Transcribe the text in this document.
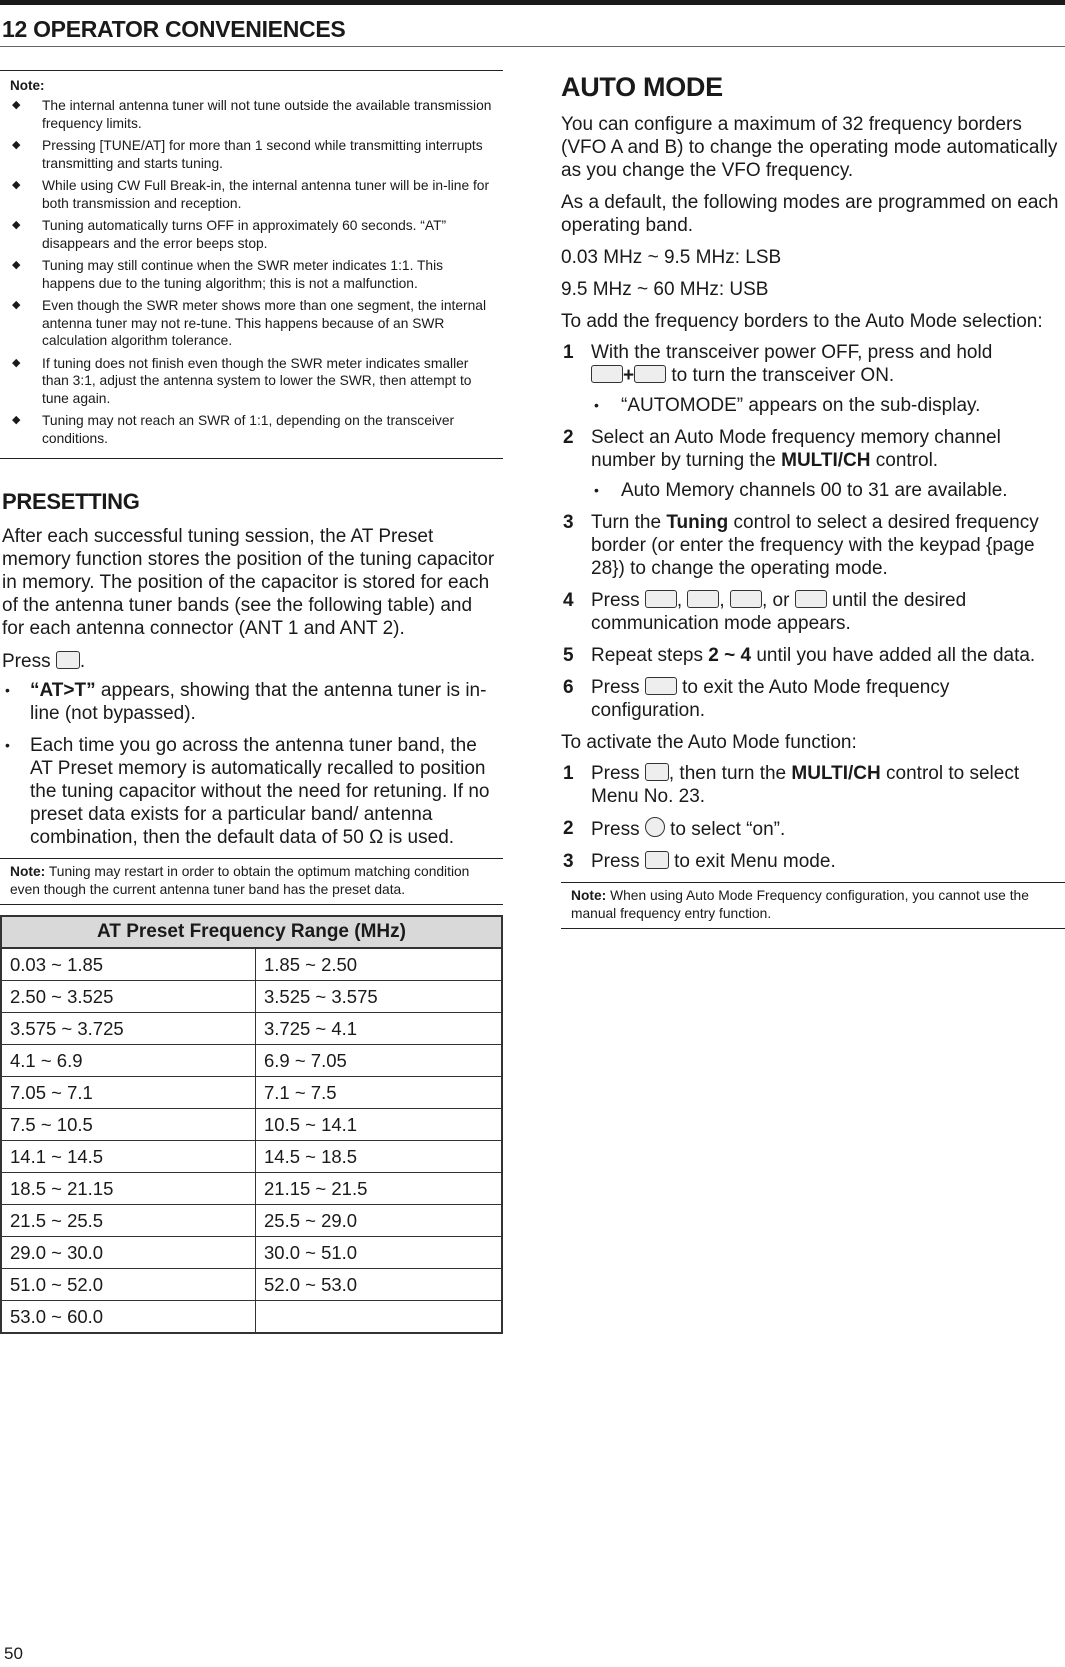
12 OPERATOR CONVENIENCES
Note:
◆ The internal antenna tuner will not tune outside the available transmission frequency limits.
◆ Pressing [TUNE/AT] for more than 1 second while transmitting interrupts transmitting and starts tuning.
◆ While using CW Full Break-in, the internal antenna tuner will be in-line for both transmission and reception.
◆ Tuning automatically turns OFF in approximately 60 seconds. “AT” disappears and the error beeps stop.
◆ Tuning may still continue when the SWR meter indicates 1:1. This happens due to the tuning algorithm; this is not a malfunction.
◆ Even though the SWR meter shows more than one segment, the internal antenna tuner may not re-tune. This happens because of an SWR calculation algorithm tolerance.
◆ If tuning does not finish even though the SWR meter indicates smaller than 3:1, adjust the antenna system to lower the SWR, then attempt to tune again.
◆ Tuning may not reach an SWR of 1:1, depending on the transceiver conditions.
PRESETTING

After each successful tuning session, the AT Preset memory function stores the position of the tuning capacitor in memory. The position of the capacitor is stored for each of the antenna tuner bands (see the following table) and for each antenna connector (ANT 1 and ANT 2).

Press .

• “AT>T” appears, showing that the antenna tuner is in-line (not bypassed).
• Each time you go across the antenna tuner band, the AT Preset memory is automatically recalled to position the tuning capacitor without the need for retuning. If no preset data exists for a particular band/ antenna combination, then the default data of 50 Ω is used.
Note: Tuning may restart in order to obtain the optimum matching condition even though the current antenna tuner band has the preset data.
AT Preset Frequency Range (MHz)	
0.03 ~ 1.85	1.85 ~ 2.50
2.50 ~ 3.525	3.525 ~ 3.575
3.575 ~ 3.725	3.725 ~ 4.1
4.1 ~ 6.9	6.9 ~ 7.05
7.05 ~ 7.1	7.1 ~ 7.5
7.5 ~ 10.5	10.5 ~ 14.1
14.1 ~ 14.5	14.5 ~ 18.5
18.5 ~ 21.15	21.15 ~ 21.5
21.5 ~ 25.5	25.5 ~ 29.0
29.0 ~ 30.0	30.0 ~ 51.0
51.0 ~ 52.0	52.0 ~ 53.0
53.0 ~ 60.0	
AUTO MODE

You can configure a maximum of 32 frequency borders (VFO A and B) to change the operating mode automatically as you change the VFO frequency.

As a default, the following modes are programmed on each operating band.

0.03 MHz ~ 9.5 MHz: LSB

9.5 MHz ~ 60 MHz: USB

To add the frequency borders to the Auto Mode selection:

1 With the transceiver power OFF, press and hold
+ to turn the transceiver ON.
• “AUTOMODE” appears on the sub-display.
2 Select an Auto Mode frequency memory channel number by turning the MULTI/CH control.
• Auto Memory channels 00 to 31 are available.
3 Turn the Tuning control to select a desired frequency border (or enter the frequency with the keypad {page 28}) to change the operating mode.
4 Press , , , or  until the desired communication mode appears.
5 Repeat steps 2 ~ 4 until you have added all the data.
6 Press  to exit the Auto Mode frequency configuration.

To activate the Auto Mode function:

1 Press , then turn the MULTI/CH control to select Menu No. 23.
2 Press  to select “on”.
3 Press  to exit Menu mode.
Note: When using Auto Mode Frequency configuration, you cannot use the manual frequency entry function.
50
